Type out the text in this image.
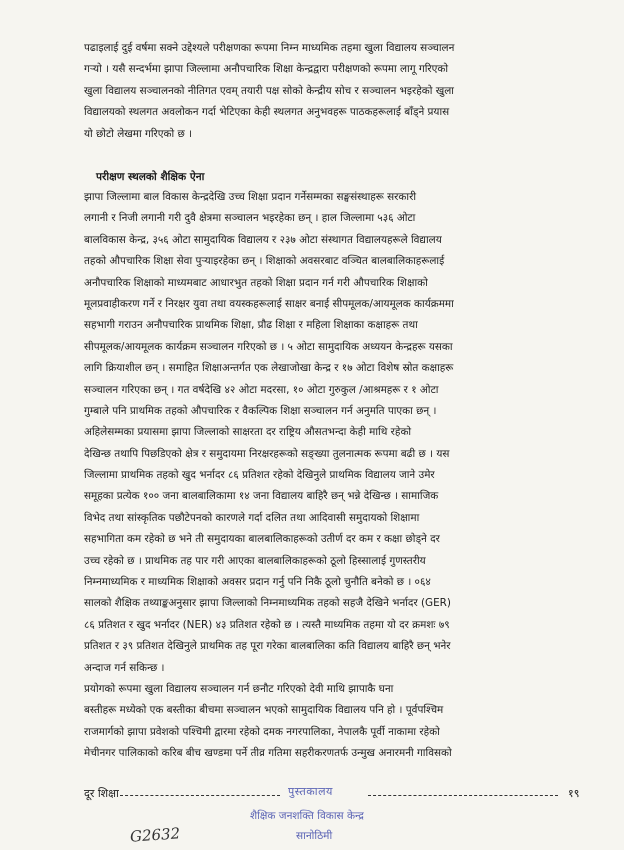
पढाइलाई दुई वर्षमा सक्ने उद्देश्यले परीक्षणका रूपमा निम्न माध्यमिक तहमा खुला विद्यालय सञ्चालन
गऱ्यो । यसै सन्दर्भमा झापा जिल्लामा अनौपचारिक शिक्षा केन्द्रद्वारा परीक्षणको रूपमा लागू गरिएको
खुला विद्यालय सञ्चालनको नीतिगत एवम् तयारी पक्ष सोको केन्द्रीय सोच र सञ्चालन भइरहेको खुला
विद्यालयको स्थलगत अवलोकन गर्दा भेटिएका केही स्थलगत अनुभवहरू पाठकहरूलाई बाँड्ने प्रयास
यो छोटो लेखमा गरिएको छ ।
परीक्षण स्थलको शैक्षिक ऐना
झापा जिल्लामा बाल विकास केन्द्रदेखि उच्च शिक्षा प्रदान गर्नेसम्मका सङ्घसंस्थाहरू सरकारी
लगानी र निजी लगानी गरी दुवै क्षेत्रमा सञ्चालन भइरहेका छन् । हाल जिल्लामा ५३६ ओटा
बालविकास केन्द्र, ३५६ ओटा सामुदायिक विद्यालय र २३७ ओटा संस्थागत विद्यालयहरूले विद्यालय
तहको औपचारिक शिक्षा सेवा पुऱ्याइरहेका छन् । शिक्षाको अवसरबाट वञ्चित बालबालिकाहरूलाई
अनौपचारिक शिक्षाको माध्यमबाट आधारभुत तहको शिक्षा प्रदान गर्न गरी औपचारिक शिक्षाको
मूलप्रवाहीकरण गर्ने र निरक्षर युवा तथा वयस्कहरूलाई साक्षर बनाई सीपमूलक/आयमूलक कार्यक्रममा
सहभागी गराउन अनौपचारिक प्राथमिक शिक्षा, प्रौढ शिक्षा र महिला शिक्षाका कक्षाहरू तथा
सीपमूलक/आयमूलक कार्यक्रम सञ्चालन गरिएको छ । ५ ओटा सामुदायिक अध्ययन केन्द्रहरू यसका
लागि क्रियाशील छन् । समाहित शिक्षाअन्तर्गत एक लेखाजोखा केन्द्र र १७ ओटा विशेष स्रोत कक्षाहरू
सञ्चालन गरिएका छन् । गत वर्षदेखि ४२ ओटा मदरसा, १० ओटा गुरुकुल /आश्रमहरू र १ ओटा
गुम्बाले पनि प्राथमिक तहको औपचारिक र वैकल्पिक शिक्षा सञ्चालन गर्न अनुमति पाएका छन् ।
अहिलेसम्मका प्रयासमा झापा जिल्लाको साक्षरता दर राष्ट्रिय औसतभन्दा केही माथि रहेको
देखिन्छ तथापि पिछडिएको क्षेत्र र समुदायमा निरक्षरहरूको सङ्ख्या तुलनात्मक रूपमा बढी छ । यस
जिल्लामा प्राथमिक तहको खुद भर्नादर ८६ प्रतिशत रहेको देखिनुले प्राथमिक विद्यालय जाने उमेर
समूहका प्रत्येक १०० जना बालबालिकामा १४ जना विद्यालय बाहिरै छन् भन्ने देखिन्छ । सामाजिक
विभेद तथा सांस्कृतिक पछौटेपनको कारणले गर्दा दलित तथा आदिवासी समुदायको शिक्षामा
सहभागिता कम रहेको छ भने ती समुदायका बालबालिकाहरूको उतीर्ण दर कम र कक्षा छोड्ने दर
उच्च रहेको छ । प्राथमिक तह पार गरी आएका बालबालिकाहरूको ठूलो हिस्सालाई गुणस्तरीय
निम्नमाध्यमिक र माध्यमिक शिक्षाको अवसर प्रदान गर्नु पनि निकै ठूलो चुनौति बनेको छ । ०६४
सालको शैक्षिक तथ्याङ्कअनुसार झापा जिल्लाको निम्नमाध्यमिक तहको सहजै देखिने भर्नादर (GER)
८६ प्रतिशत र खुद भर्नादर (NER) ४३ प्रतिशत रहेको छ । त्यस्तै माध्यमिक तहमा यो दर क्रमशः ७९
प्रतिशत र ३९ प्रतिशत देखिनुले प्राथमिक तह पूरा गरेका बालबालिका कति विद्यालय बाहिरै छन् भनेर
अन्दाज गर्न सकिन्छ ।
प्रयोगको रूपमा खुला विद्यालय सञ्चालन गर्न छनौट गरिएको देवी माथि झापाकै घना
बस्तीहरू मध्येको एक बस्तीका बीचमा सञ्चालन भएको सामुदायिक विद्यालय पनि हो । पूर्वपश्चिम
राजमार्गको झापा प्रवेशको पश्चिमी द्वारमा रहेको दमक नगरपालिका, नेपालकै पूर्वी नाकामा रहेको
मेचीनगर पालिकाको करिब बीच खण्डमा पर्ने तीव्र गतिमा सहरीकरणतर्फ उन्मुख अनारमनी गाविसको
दूर शिक्षा	पुस्तकालय	१९
शैक्षिक जनशक्ति विकास केन्द्र
सानोठिमी
G2632
